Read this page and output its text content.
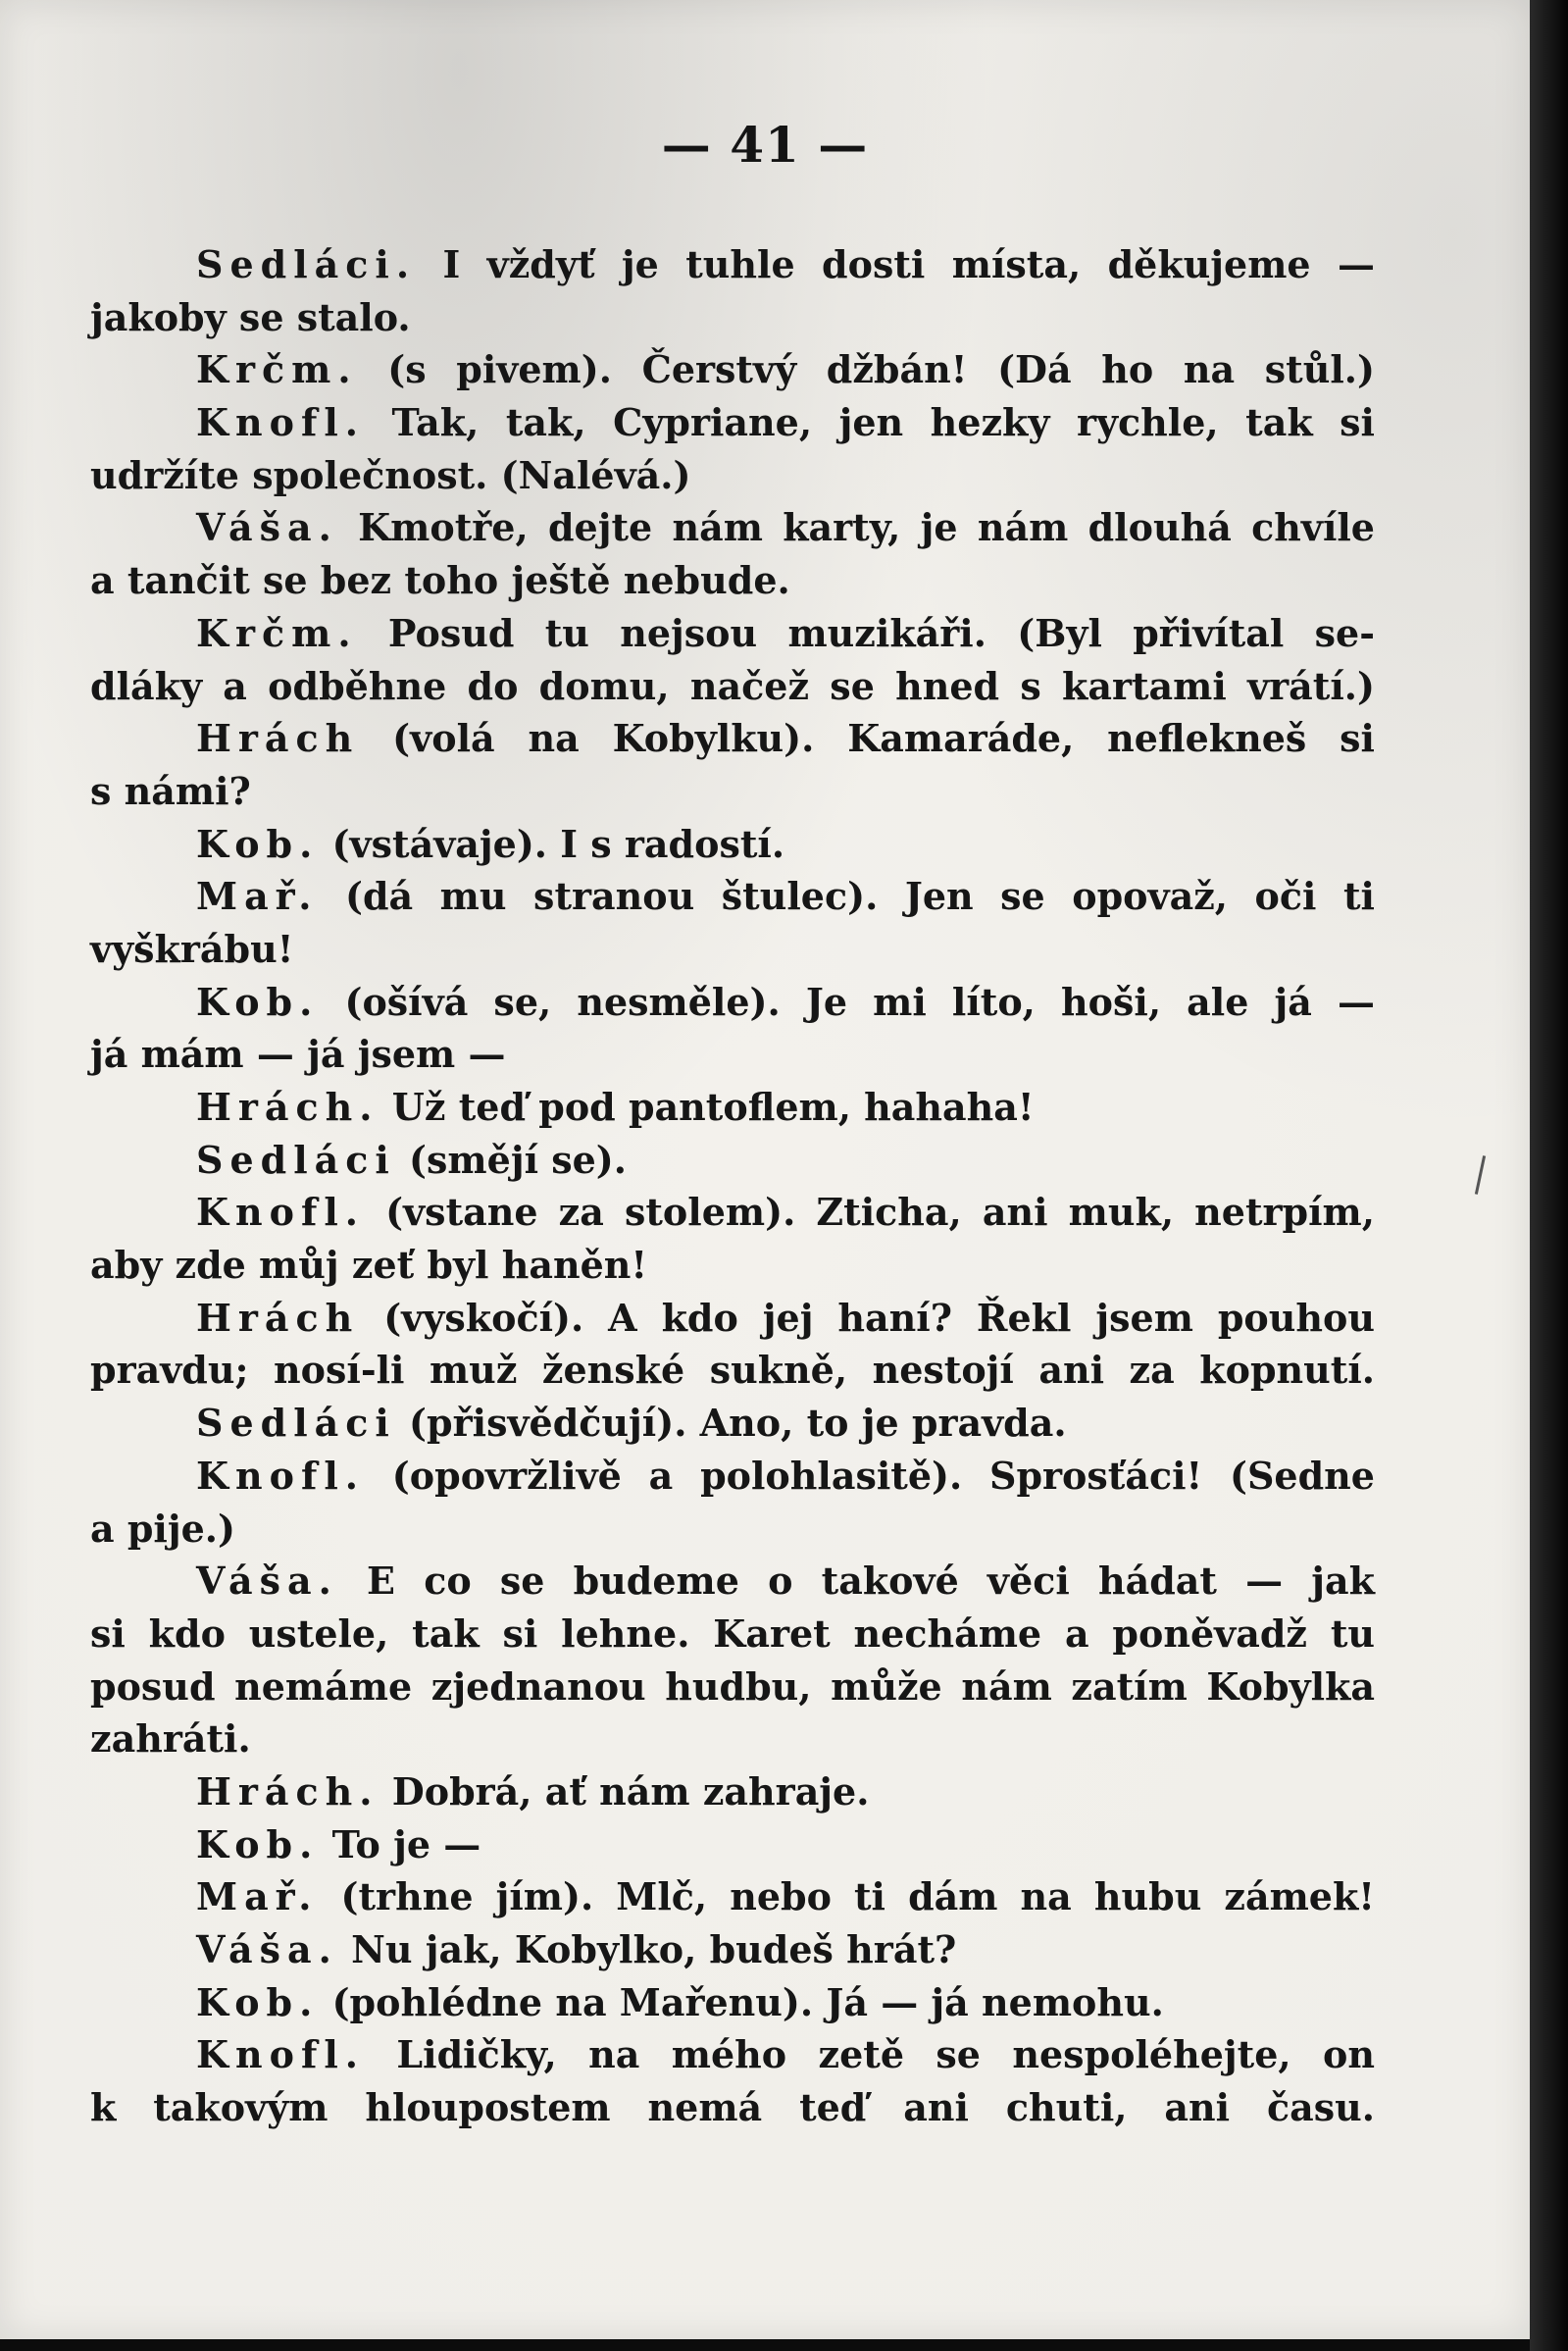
— 41 —
Sedláci. I vždyť je tuhle dosti místa, děkujeme —
jakoby se stalo.
Krčm. (s pivem). Čerstvý džbán! (Dá ho na stůl.)
Knofl. Tak, tak, Cypriane, jen hezky rychle, tak si
udržíte společnost. (Nalévá.)
Váša. Kmotře, dejte nám karty, je nám dlouhá chvíle
a tančit se bez toho ještě nebude.
Krčm. Posud tu nejsou muzikáři. (Byl přivítal se-
dláky a odběhne do domu, načež se hned s kartami vrátí.)
Hrách (volá na Kobylku). Kamaráde, neflekneš si
s námi?
Kob. (vstávaje). I s radostí.
Mař. (dá mu stranou štulec). Jen se opovaž, oči ti
vyškrábu!
Kob. (ošívá se, nesměle). Je mi líto, hoši, ale já —
já mám — já jsem —
Hrách. Už teď pod pantoflem, hahaha!
Sedláci (smějí se).
Knofl. (vstane za stolem). Zticha, ani muk, netrpím,
aby zde můj zeť byl haněn!
Hrách (vyskočí). A kdo jej haní? Řekl jsem pouhou
pravdu; nosí-li muž ženské sukně, nestojí ani za kopnutí.
Sedláci (přisvědčují). Ano, to je pravda.
Knofl. (opovržlivě a polohlasitě). Sprosťáci! (Sedne
a pije.)
Váša. E co se budeme o takové věci hádat — jak
si kdo ustele, tak si lehne. Karet necháme a poněvadž tu
posud nemáme zjednanou hudbu, může nám zatím Kobylka
zahráti.
Hrách. Dobrá, ať nám zahraje.
Kob. To je —
Mař. (trhne jím). Mlč, nebo ti dám na hubu zámek!
Váša. Nu jak, Kobylko, budeš hrát?
Kob. (pohlédne na Mařenu). Já — já nemohu.
Knofl. Lidičky, na mého zetě se nespoléhejte, on
k takovým hloupostem nemá teď ani chuti, ani času.
